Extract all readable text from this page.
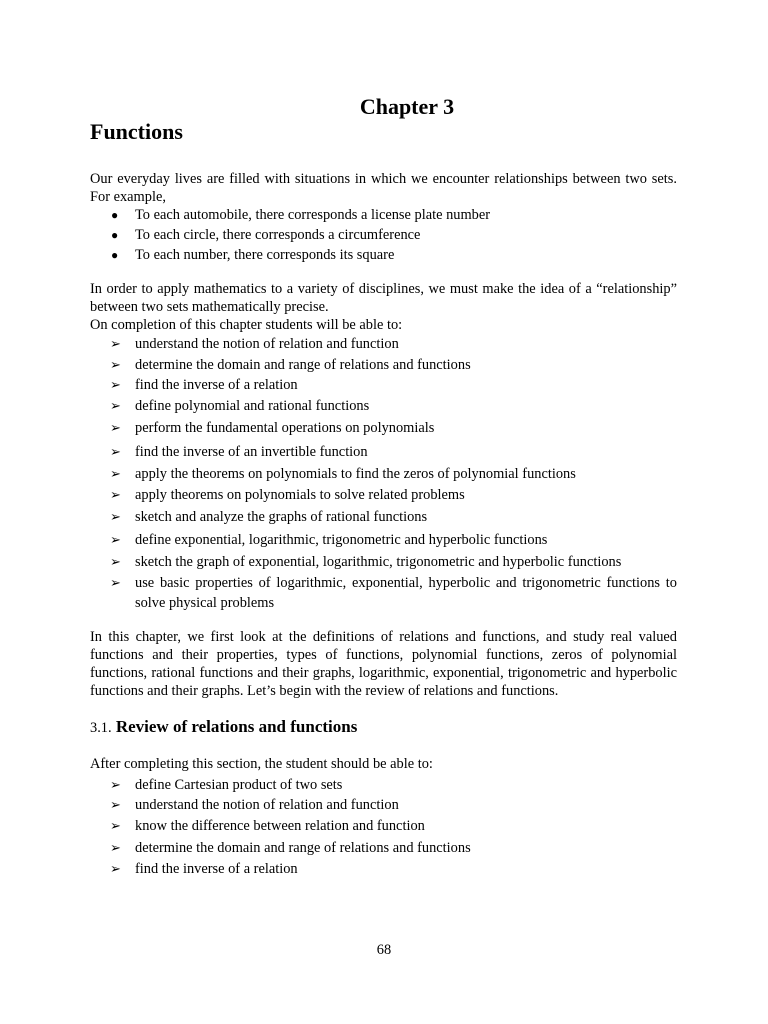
Chapter 3
Functions

Our everyday lives are filled with situations in which we encounter relationships between two sets. For example,

● To each automobile, there corresponds a license plate number
● To each circle, there corresponds a circumference
● To each number, there corresponds its square

In order to apply mathematics to a variety of disciplines, we must make the idea of a “relationship” between two sets mathematically precise.

On completion of this chapter students will be able to:

➢ understand the notion of relation and function
➢ determine the domain and range of relations and functions
➢ find the inverse of a relation
➢ define polynomial and rational functions
➢ perform the fundamental operations on polynomials
➢ find the inverse of an invertible function
➢ apply the theorems on polynomials to find the zeros of polynomial functions
➢ apply theorems on polynomials to solve related problems
➢ sketch and analyze the graphs of rational functions
➢ define exponential, logarithmic, trigonometric and hyperbolic functions
➢ sketch the graph of exponential, logarithmic, trigonometric and hyperbolic functions
➢ use basic properties of logarithmic, exponential, hyperbolic and trigonometric functions to solve physical problems

In this chapter, we first look at the definitions of relations and functions, and study real valued functions and their properties, types of functions, polynomial functions, zeros of polynomial functions, rational functions and their graphs, logarithmic, exponential, trigonometric and hyperbolic functions and their graphs. Let’s begin with the review of relations and functions.

3.1. Review of relations and functions

After completing this section, the student should be able to:

➢ define Cartesian product of two sets
➢ understand the notion of relation and function
➢ know the difference between relation and function
➢ determine the domain and range of relations and functions
➢ find the inverse of a relation
68
